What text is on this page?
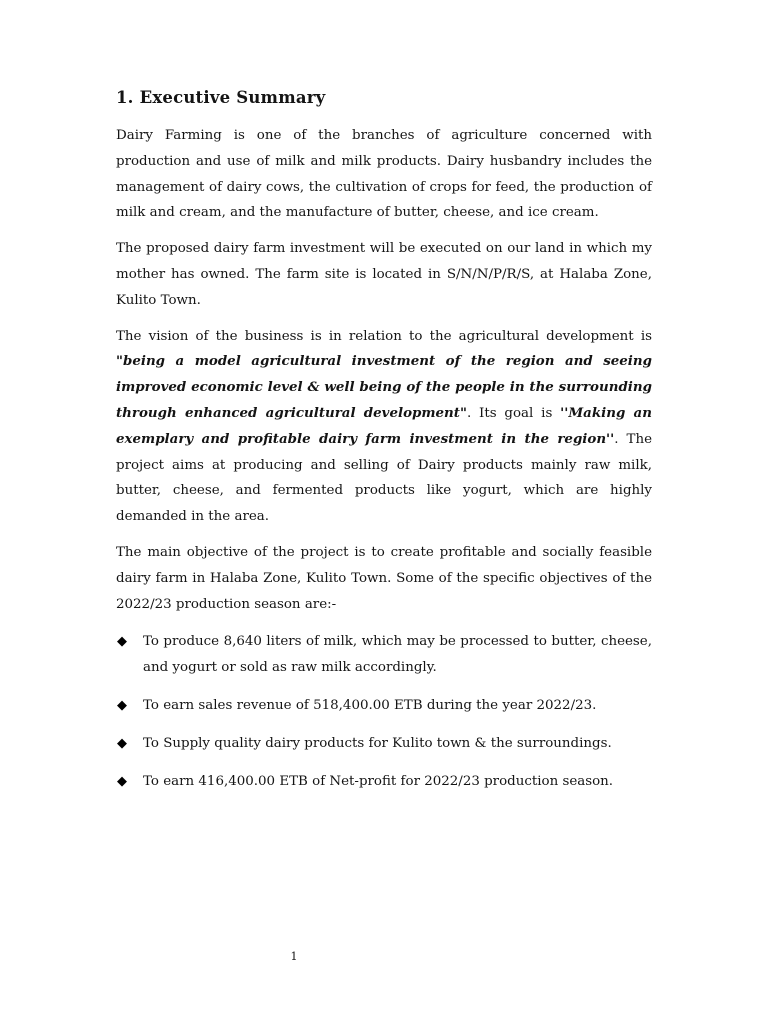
1. Executive Summary

Dairy Farming is one of the branches of agriculture concerned with production and use of milk and milk products. Dairy husbandry includes the management of dairy cows, the cultivation of crops for feed, the production of milk and cream, and the manufacture of butter, cheese, and ice cream.

The proposed dairy farm investment will be executed on our land in which my mother has owned. The farm site is located in S/N/N/P/R/S, at Halaba Zone, Kulito Town.

The vision of the business is in relation to the agricultural development is "being a model agricultural investment of the region and seeing improved economic level & well being of the people in the surrounding through enhanced agricultural development". Its goal is ''Making an exemplary and profitable dairy farm investment in the region''. The project aims at producing and selling of Dairy products mainly raw milk, butter, cheese, and fermented products like yogurt, which are highly demanded in the area.

The main objective of the project is to create profitable and socially feasible dairy farm in Halaba Zone, Kulito Town. Some of the specific objectives of the 2022/23 production season are:-

◆ To produce 8,640 liters of milk, which may be processed to butter, cheese, and yogurt or sold as raw milk accordingly.
◆ To earn sales revenue of 518,400.00 ETB during the year 2022/23.
◆ To Supply quality dairy products for Kulito town & the surroundings.
◆ To earn 416,400.00 ETB of Net-profit for 2022/23 production season.
1
